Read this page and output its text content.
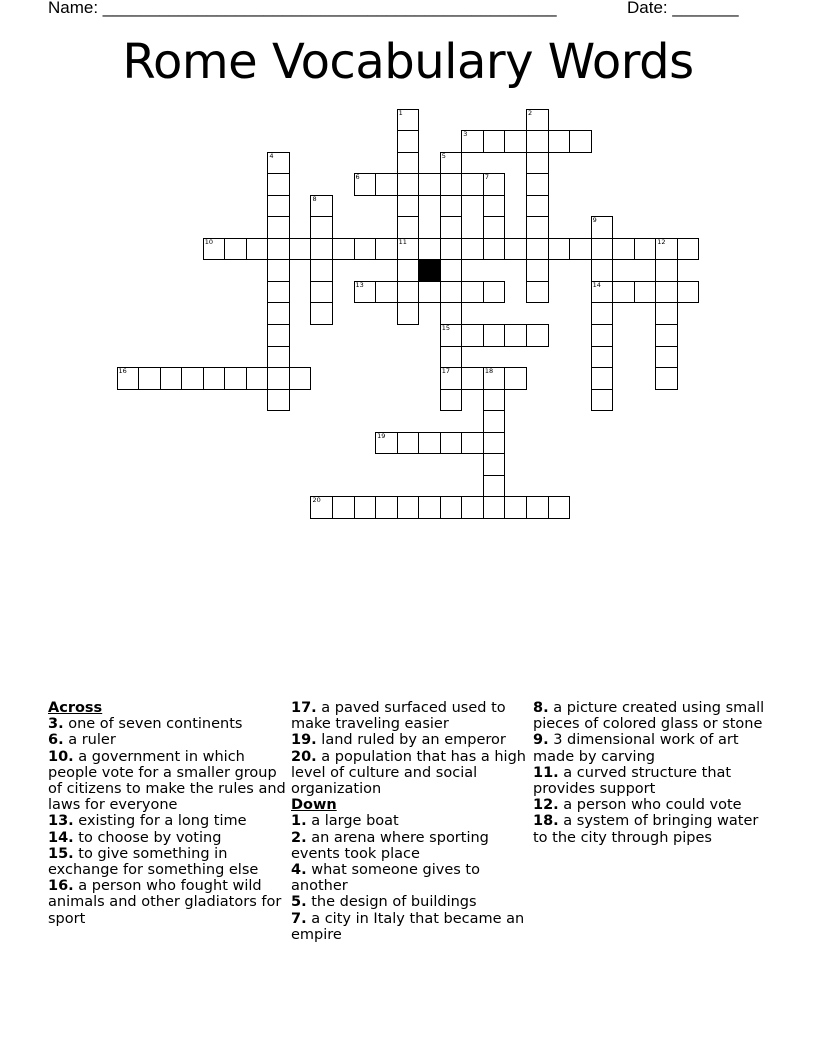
Name: ________________________________________________	Date: _______
Rome Vocabulary Words
1
11
2
3
4	5
15
17
6	7
8
9
14
10	12
13
16	18
19
20
Across

3. one of seven continents

6. a ruler

10. a government in which people vote for a smaller group of citizens to make the rules and laws for everyone

13. existing for a long time

14. to choose by voting

15. to give something in exchange for something else

16. a person who fought wild animals and other gladiators for sport

17. a paved surfaced used to make traveling easier

19. land ruled by an emperor

20. a population that has a high level of culture and social organization

Down

1. a large boat

2. an arena where sporting events took place

4. what someone gives to another

5. the design of buildings

7. a city in Italy that became an empire

8. a picture created using small pieces of colored glass or stone

9. 3 dimensional work of art made by carving

11. a curved structure that provides support

12. a person who could vote

18. a system of bringing water to the city through pipes
